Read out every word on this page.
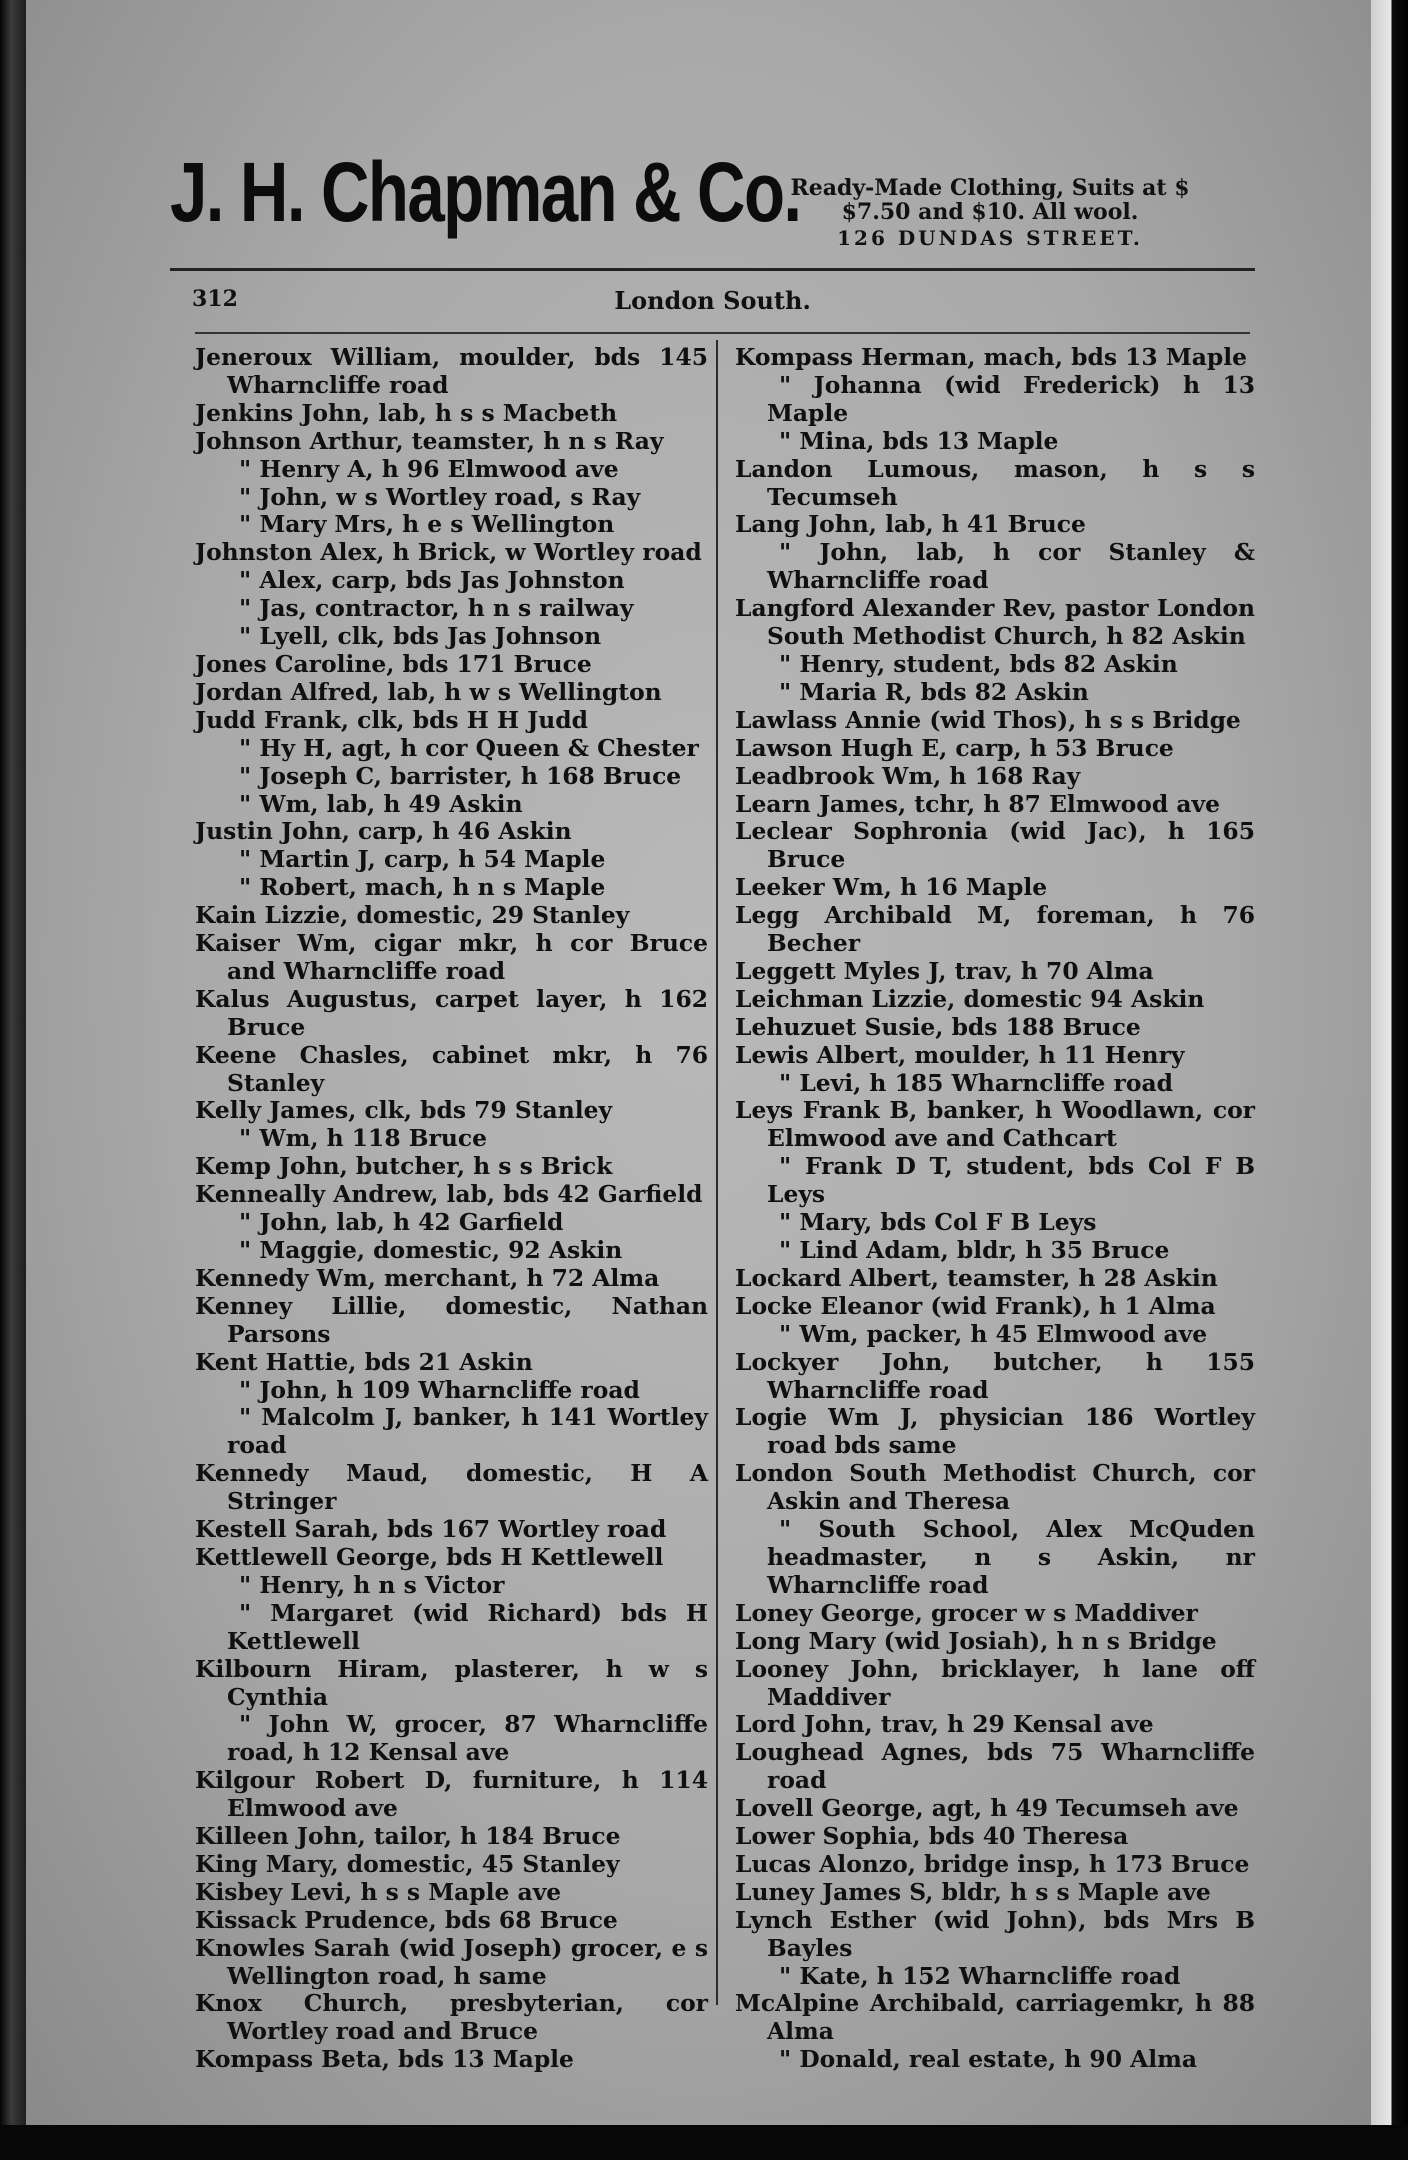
J. H. Chapman & Co.
Ready-Made Clothing, Suits at $
$7.50 and $10. All wool.
126 DUNDAS STREET.
312	London South.
Jeneroux William, moulder, bds 145 Wharncliffe road
Jenkins John, lab, h s s Macbeth
Johnson Arthur, teamster, h n s Ray
" Henry A, h 96 Elmwood ave
" John, w s Wortley road, s Ray
" Mary Mrs, h e s Wellington
Johnston Alex, h Brick, w Wortley road
" Alex, carp, bds Jas Johnston
" Jas, contractor, h n s railway
" Lyell, clk, bds Jas Johnson
Jones Caroline, bds 171 Bruce
Jordan Alfred, lab, h w s Wellington
Judd Frank, clk, bds H H Judd
" Hy H, agt, h cor Queen & Chester
" Joseph C, barrister, h 168 Bruce
" Wm, lab, h 49 Askin
Justin John, carp, h 46 Askin
" Martin J, carp, h 54 Maple
" Robert, mach, h n s Maple
Kain Lizzie, domestic, 29 Stanley
Kaiser Wm, cigar mkr, h cor Bruce and Wharncliffe road
Kalus Augustus, carpet layer, h 162 Bruce
Keene Chasles, cabinet mkr, h 76 Stanley
Kelly James, clk, bds 79 Stanley
" Wm, h 118 Bruce
Kemp John, butcher, h s s Brick
Kenneally Andrew, lab, bds 42 Garfield
" John, lab, h 42 Garfield
" Maggie, domestic, 92 Askin
Kennedy Wm, merchant, h 72 Alma
Kenney Lillie, domestic, Nathan Parsons
Kent Hattie, bds 21 Askin
" John, h 109 Wharncliffe road
" Malcolm J, banker, h 141 Wortley road
Kennedy Maud, domestic, H A Stringer
Kestell Sarah, bds 167 Wortley road
Kettlewell George, bds H Kettlewell
" Henry, h n s Victor
" Margaret (wid Richard) bds H Kettlewell
Kilbourn Hiram, plasterer, h w s Cynthia
" John W, grocer, 87 Wharncliffe road, h 12 Kensal ave
Kilgour Robert D, furniture, h 114 Elmwood ave
Killeen John, tailor, h 184 Bruce
King Mary, domestic, 45 Stanley
Kisbey Levi, h s s Maple ave
Kissack Prudence, bds 68 Bruce
Knowles Sarah (wid Joseph) grocer, e s Wellington road, h same
Knox Church, presbyterian, cor Wortley road and Bruce
Kompass Beta, bds 13 Maple
Kompass Herman, mach, bds 13 Maple
" Johanna (wid Frederick) h 13 Maple
" Mina, bds 13 Maple
Landon Lumous, mason, h s s Tecumseh
Lang John, lab, h 41 Bruce
" John, lab, h cor Stanley & Wharncliffe road
Langford Alexander Rev, pastor London South Methodist Church, h 82 Askin
" Henry, student, bds 82 Askin
" Maria R, bds 82 Askin
Lawlass Annie (wid Thos), h s s Bridge
Lawson Hugh E, carp, h 53 Bruce
Leadbrook Wm, h 168 Ray
Learn James, tchr, h 87 Elmwood ave
Leclear Sophronia (wid Jac), h 165 Bruce
Leeker Wm, h 16 Maple
Legg Archibald M, foreman, h 76 Becher
Leggett Myles J, trav, h 70 Alma
Leichman Lizzie, domestic 94 Askin
Lehuzuet Susie, bds 188 Bruce
Lewis Albert, moulder, h 11 Henry
" Levi, h 185 Wharncliffe road
Leys Frank B, banker, h Woodlawn, cor Elmwood ave and Cathcart
" Frank D T, student, bds Col F B Leys
" Mary, bds Col F B Leys
" Lind Adam, bldr, h 35 Bruce
Lockard Albert, teamster, h 28 Askin
Locke Eleanor (wid Frank), h 1 Alma
" Wm, packer, h 45 Elmwood ave
Lockyer John, butcher, h 155 Wharncliffe road
Logie Wm J, physician 186 Wortley road bds same
London South Methodist Church, cor Askin and Theresa
" South School, Alex McQuden headmaster, n s Askin, nr Wharncliffe road
Loney George, grocer w s Maddiver
Long Mary (wid Josiah), h n s Bridge
Looney John, bricklayer, h lane off Maddiver
Lord John, trav, h 29 Kensal ave
Loughead Agnes, bds 75 Wharncliffe road
Lovell George, agt, h 49 Tecumseh ave
Lower Sophia, bds 40 Theresa
Lucas Alonzo, bridge insp, h 173 Bruce
Luney James S, bldr, h s s Maple ave
Lynch Esther (wid John), bds Mrs B Bayles
" Kate, h 152 Wharncliffe road
McAlpine Archibald, carriagemkr, h 88 Alma
" Donald, real estate, h 90 Alma
